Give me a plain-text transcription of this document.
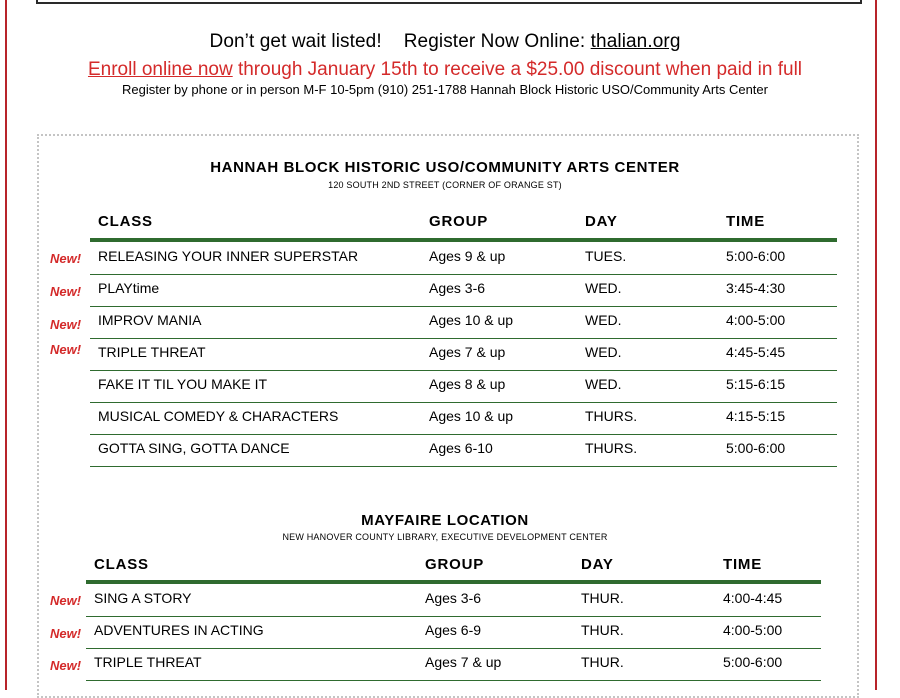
Don’t get wait listed! Register Now Online: thalian.org
Enroll online now through January 15th to receive a $25.00 discount when paid in full
Register by phone or in person M-F 10-5pm (910) 251-1788 Hannah Block Historic USO/Community Arts Center
HANNAH BLOCK HISTORIC USO/COMMUNITY ARTS CENTER
120 SOUTH 2ND STREET (CORNER OF ORANGE ST)
CLASS	GROUP	DAY	TIME
New! RELEASING YOUR INNER SUPERSTAR	Ages 9 & up	TUES.	5:00-6:00
New! PLAYtime	Ages 3-6	WED.	3:45-4:30
New! IMPROV MANIA	Ages 10 & up	WED.	4:00-5:00
New! TRIPLE THREAT	Ages 7 & up	WED.	4:45-5:45
FAKE IT TIL YOU MAKE IT	Ages 8 & up	WED.	5:15-6:15
MUSICAL COMEDY & CHARACTERS	Ages 10 & up	THURS.	4:15-5:15
GOTTA SING, GOTTA DANCE	Ages 6-10	THURS.	5:00-6:00
MAYFAIRE LOCATION
NEW HANOVER COUNTY LIBRARY, EXECUTIVE DEVELOPMENT CENTER
CLASS	GROUP	DAY	TIME
New! SING A STORY	Ages 3-6	THUR.	4:00-4:45
New! ADVENTURES IN ACTING	Ages 6-9	THUR.	4:00-5:00
New! TRIPLE THREAT	Ages 7 & up	THUR.	5:00-6:00
